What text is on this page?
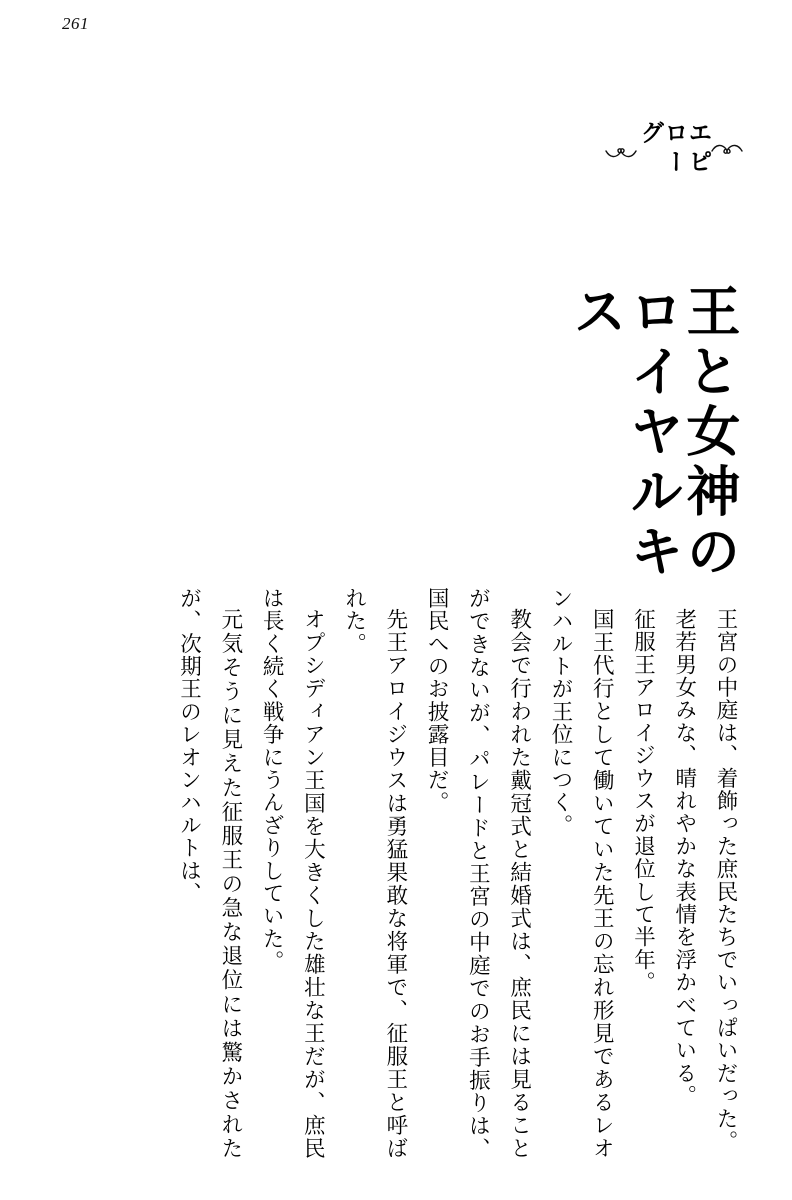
261
エピローグ
王と女神のロイヤルキス

王宮の中庭は、着飾った庶民たちでいっぱいだった。

老若男女みな、晴れやかな表情を浮かべている。

征服王アロイジウスが退位して半年。

国王代行として働いていた先王の忘れ形見であるレオンハルトが王位につく。

教会で行われた戴冠式と結婚式は、庶民には見ることができないが、パレードと王宮の中庭でのお手振りは、国民へのお披露目だ。

先王アロイジウスは勇猛果敢な将軍で、征服王と呼ばれた。

オプシディアン王国を大きくした雄壮な王だが、庶民は長く続く戦争にうんざりしていた。

元気そうに見えた征服王の急な退位には驚かされたが、次期王のレオンハルトは、
